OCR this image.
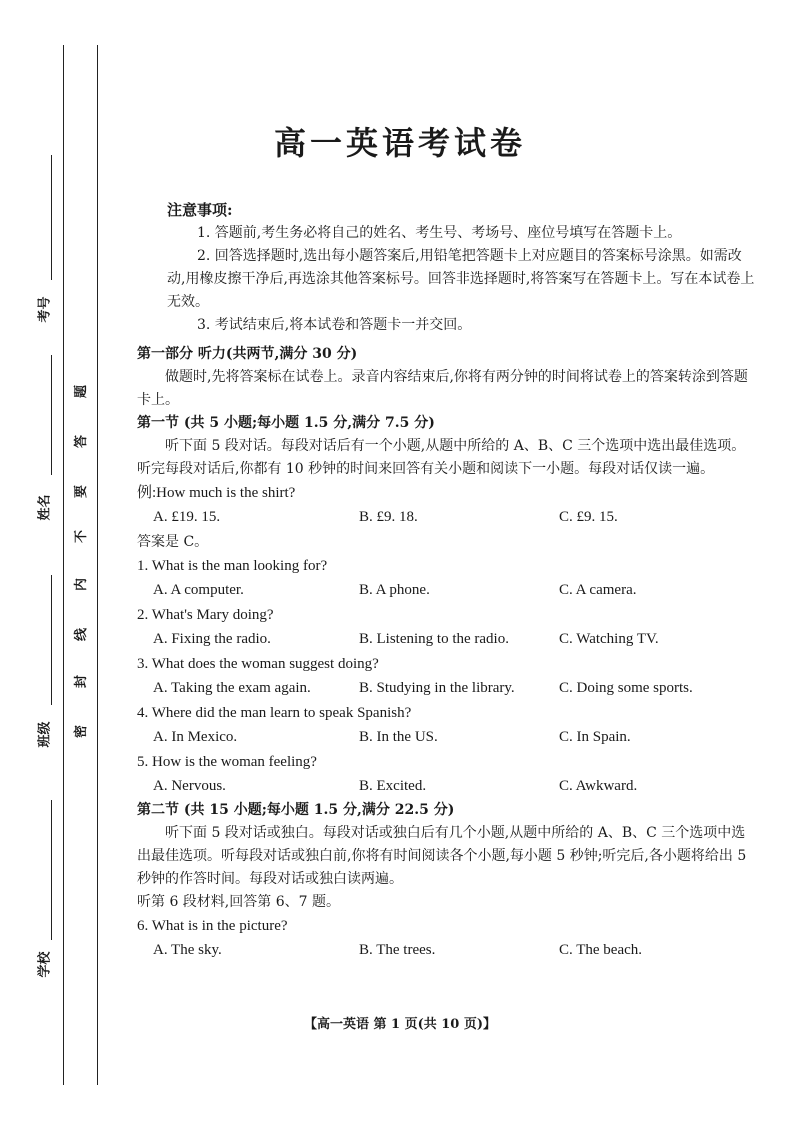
考号
姓名
班级
学校
题
答
要
不
内
线
封
密
高一英语考试卷

注意事项:

1. 答题前,考生务必将自己的姓名、考生号、考场号、座位号填写在答题卡上。

2. 回答选择题时,选出每小题答案后,用铅笔把答题卡上对应题目的答案标号涂黑。如需改动,用橡皮擦干净后,再选涂其他答案标号。回答非选择题时,将答案写在答题卡上。写在本试卷上无效。

3. 考试结束后,将本试卷和答题卡一并交回。

第一部分 听力(共两节,满分 30 分)

做题时,先将答案标在试卷上。录音内容结束后,你将有两分钟的时间将试卷上的答案转涂到答题卡上。

第一节 (共 5 小题;每小题 1.5 分,满分 7.5 分)

听下面 5 段对话。每段对话后有一个小题,从题中所给的 A、B、C 三个选项中选出最佳选项。听完每段对话后,你都有 10 秒钟的时间来回答有关小题和阅读下一小题。每段对话仅读一遍。

例:How much is the shirt?

A. £19. 15.	B. £9. 18.	C. £9. 15.

答案是 C。

1. What is the man looking for?

A. A computer.	B. A phone.	C. A camera.

2. What's Mary doing?

A. Fixing the radio.	B. Listening to the radio.	C. Watching TV.

3. What does the woman suggest doing?

A. Taking the exam again.	B. Studying in the library.	C. Doing some sports.

4. Where did the man learn to speak Spanish?

A. In Mexico.	B. In the US.	C. In Spain.

5. How is the woman feeling?

A. Nervous.	B. Excited.	C. Awkward.

第二节 (共 15 小题;每小题 1.5 分,满分 22.5 分)

听下面 5 段对话或独白。每段对话或独白后有几个小题,从题中所给的 A、B、C 三个选项中选出最佳选项。听每段对话或独白前,你将有时间阅读各个小题,每小题 5 秒钟;听完后,各小题将给出 5 秒钟的作答时间。每段对话或独白读两遍。

听第 6 段材料,回答第 6、7 题。

6. What is in the picture?

A. The sky.	B. The trees.	C. The beach.
【高一英语 第 1 页(共 10 页)】
